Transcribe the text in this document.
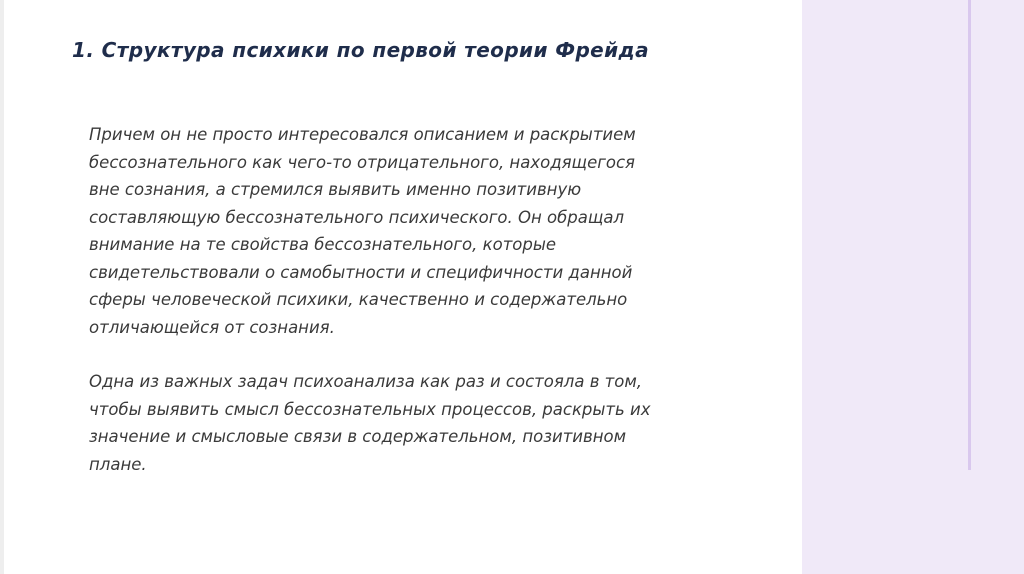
1. Структура психики по первой теории Фрейда

Причем он не просто интересовался описанием и раскрытием
бессознательного как чего-то отрицательного, находящегося
вне сознания, а стремился выявить именно позитивную
составляющую бессознательного психического. Он обращал
внимание на те свойства бессознательного, которые
свидетельствовали о самобытности и специфичности данной
сферы человеческой психики, качественно и содержательно
отличающейся от сознания.

Одна из важных задач психоанализа как раз и состояла в том,
чтобы выявить смысл бессознательных процессов, раскрыть их
значение и смысловые связи в содержательном, позитивном
плане.
